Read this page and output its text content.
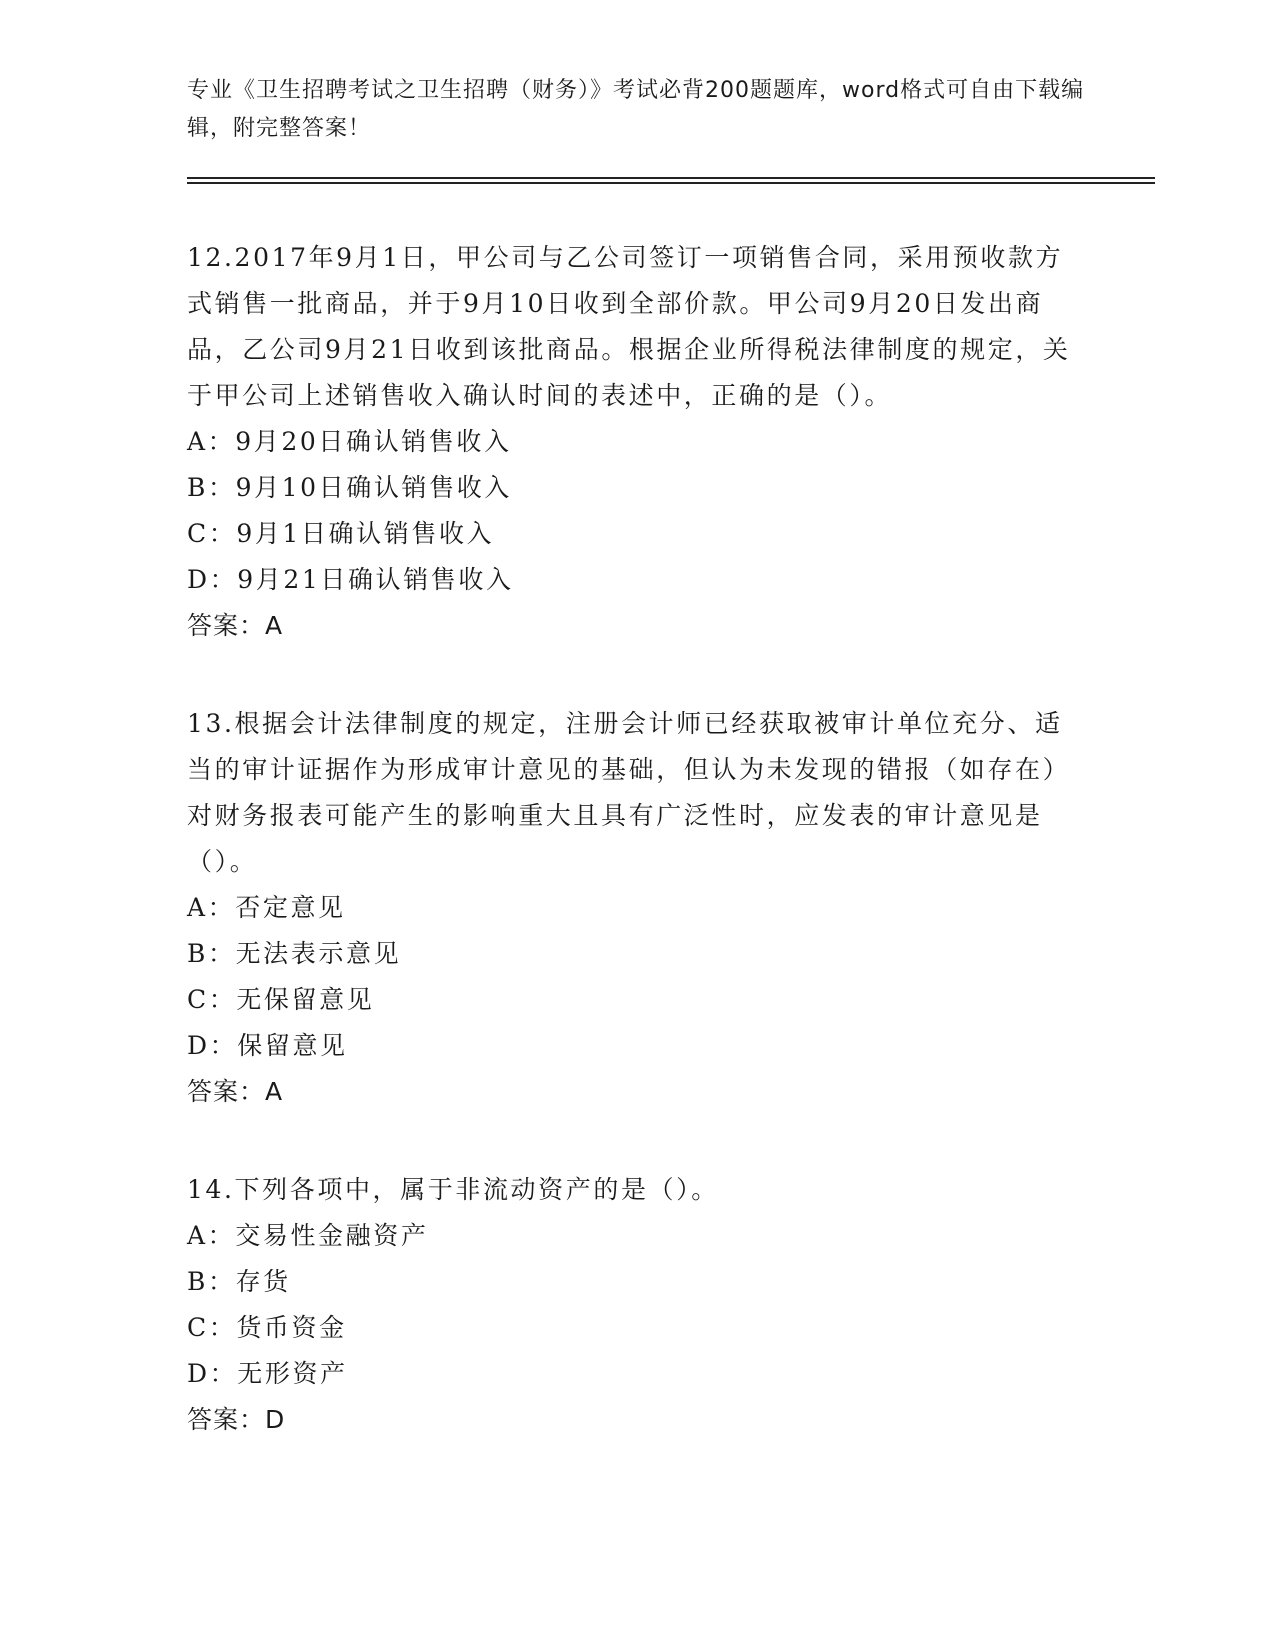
专业《卫生招聘考试之卫生招聘（财务）》考试必背200题题库，word格式可自由下载编辑，附完整答案！

12.2017年9月1日，甲公司与乙公司签订一项销售合同，采用预收款方式销售一批商品，并于9月10日收到全部价款。甲公司9月20日发出商品，乙公司9月21日收到该批商品。根据企业所得税法律制度的规定，关于甲公司上述销售收入确认时间的表述中，正确的是（）。

A：9月20日确认销售收入

B：9月10日确认销售收入

C：9月1日确认销售收入

D：9月21日确认销售收入

答案：A

13.根据会计法律制度的规定，注册会计师已经获取被审计单位充分、适当的审计证据作为形成审计意见的基础，但认为未发现的错报（如存在）对财务报表可能产生的影响重大且具有广泛性时，应发表的审计意见是（）。

A：否定意见

B：无法表示意见

C：无保留意见

D：保留意见

答案：A

14.下列各项中，属于非流动资产的是（）。

A：交易性金融资产

B：存货

C：货币资金

D：无形资产

答案：D
